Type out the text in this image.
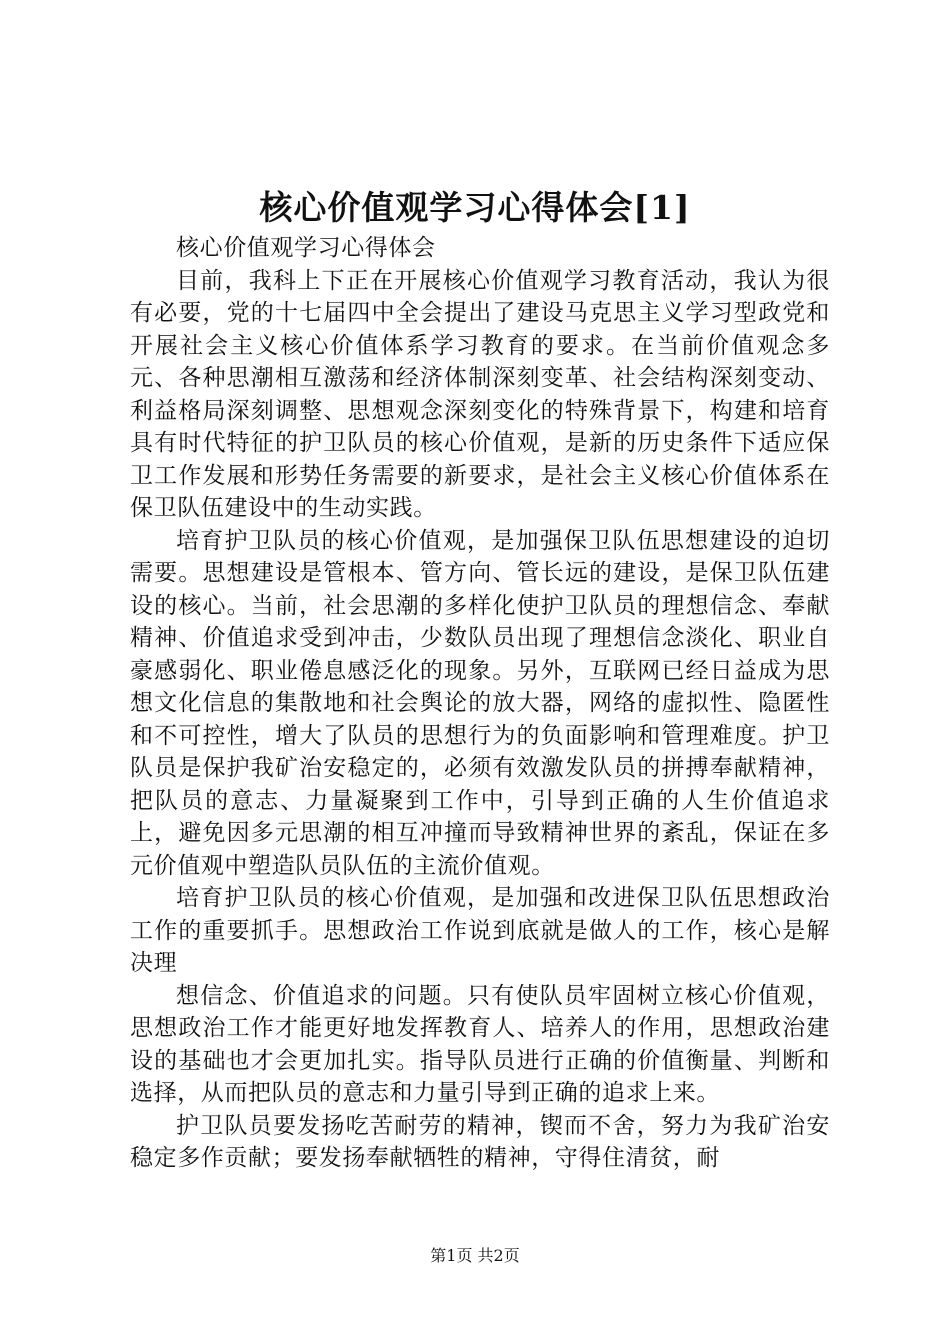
核心价值观学习心得体会[1]

核心价值观学习心得体会

目前，我科上下正在开展核心价值观学习教育活动，我认为很有必要，党的十七届四中全会提出了建设马克思主义学习型政党和开展社会主义核心价值体系学习教育的要求。在当前价值观念多元、各种思潮相互激荡和经济体制深刻变革、社会结构深刻变动、利益格局深刻调整、思想观念深刻变化的特殊背景下，构建和培育具有时代特征的护卫队员的核心价值观，是新的历史条件下适应保卫工作发展和形势任务需要的新要求，是社会主义核心价值体系在保卫队伍建设中的生动实践。

培育护卫队员的核心价值观，是加强保卫队伍思想建设的迫切需要。思想建设是管根本、管方向、管长远的建设，是保卫队伍建设的核心。当前，社会思潮的多样化使护卫队员的理想信念、奉献精神、价值追求受到冲击，少数队员出现了理想信念淡化、职业自豪感弱化、职业倦息感泛化的现象。另外，互联网已经日益成为思想文化信息的集散地和社会舆论的放大器，网络的虚拟性、隐匿性和不可控性，增大了队员的思想行为的负面影响和管理难度。护卫队员是保护我矿治安稳定的，必须有效激发队员的拼搏奉献精神，把队员的意志、力量凝聚到工作中，引导到正确的人生价值追求上，避免因多元思潮的相互冲撞而导致精神世界的紊乱，保证在多元价值观中塑造队员队伍的主流价值观。

培育护卫队员的核心价值观，是加强和改进保卫队伍思想政治工作的重要抓手。思想政治工作说到底就是做人的工作，核心是解决理

想信念、价值追求的问题。只有使队员牢固树立核心价值观，思想政治工作才能更好地发挥教育人、培养人的作用，思想政治建设的基础也才会更加扎实。指导队员进行正确的价值衡量、判断和选择，从而把队员的意志和力量引导到正确的追求上来。

护卫队员要发扬吃苦耐劳的精神，锲而不舍，努力为我矿治安稳定多作贡献；要发扬奉献牺牲的精神，守得住清贫，耐

第1页 共2页
